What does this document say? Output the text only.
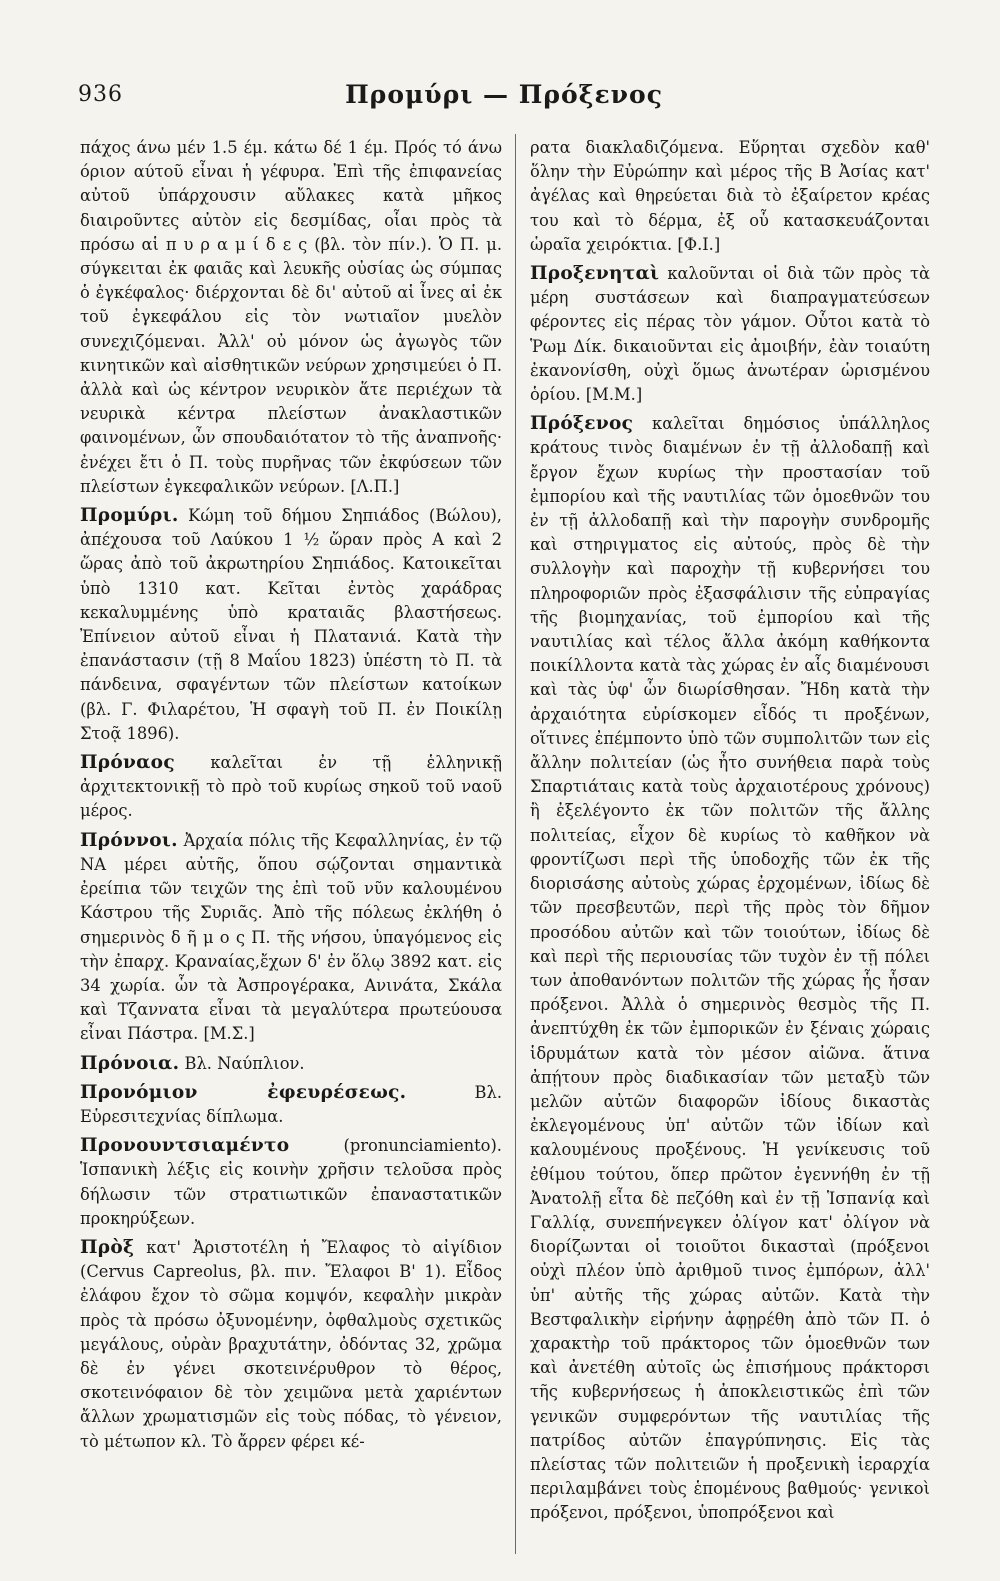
936	Προμύρι — Πρόξενος

πάχος άνω μέν 1.5 έμ. κάτω δέ 1 έμ. Πρός τό άνω όριον αύτοῦ εἶναι ἡ γέφυρα. Ἐπὶ τῆς ἐπιφανείας αὐτοῦ ὑπάρχουσιν αὔλακες κατὰ μῆκος διαιροῦντες αὐτὸν εἰς δεσμίδας, οἷαι πρὸς τὰ πρόσω αἱ π υ ρ α μ ί δ ε ς (βλ. τὸν πίν.). Ὁ Π. μ. σύγκειται ἐκ φαιᾶς καὶ λευκῆς οὐσίας ὡς σύμπας ὁ ἐγκέφαλος· διέρχονται δὲ δι' αὐτοῦ αἱ ἶνες αἱ ἐκ τοῦ ἐγκεφάλου εἰς τὸν νωτιαῖον μυελὸν συνεχιζόμεναι. Ἀλλ' οὐ μόνον ὡς ἀγωγὸς τῶν κινητικῶν καὶ αἰσθητικῶν νεύρων χρησιμεύει ὁ Π. ἀλλὰ καὶ ὡς κέντρον νευρικὸν ἅτε περιέχων τὰ νευρικὰ κέντρα πλείστων ἀνακλαστικῶν φαινομένων, ὧν σπουδαιότατον τὸ τῆς ἀναπνοῆς· ἐνέχει ἔτι ὁ Π. τοὺς πυρῆνας τῶν ἐκφύσεων τῶν πλείστων ἐγκεφαλικῶν νεύρων. [Λ.Π.]

Προμύρι. Κώμη τοῦ δήμου Σηπιάδος (Βώλου), ἀπέχουσα τοῦ Λαύκου 1 ½ ὥραν πρὸς Α καὶ 2 ὥρας ἀπὸ τοῦ ἀκρωτηρίου Σηπιάδος. Κατοικεῖται ὑπὸ 1310 κατ. Κεῖται ἐντὸς χαράδρας κεκαλυμμένης ὑπὸ κραταιᾶς βλαστήσεως. Ἐπίνειον αὐτοῦ εἶναι ἡ Πλατανιά. Κατὰ τὴν ἐπανάστασιν (τῇ 8 Μαΐου 1823) ὑπέστη τὸ Π. τὰ πάνδεινα, σφαγέντων τῶν πλείστων κατοίκων (βλ. Γ. Φιλαρέτου, Ἡ σφαγὴ τοῦ Π. ἐν Ποικίλῃ Στοᾷ 1896).

Πρόναος καλεῖται ἐν τῇ ἑλληνικῇ ἀρχιτεκτονικῇ τὸ πρὸ τοῦ κυρίως σηκοῦ τοῦ ναοῦ μέρος.

Πρόννοι. Ἀρχαία πόλις τῆς Κεφαλληνίας, ἐν τῷ ΝΑ μέρει αὐτῆς, ὅπου σῴζονται σημαντικὰ ἐρείπια τῶν τειχῶν της ἐπὶ τοῦ νῦν καλουμένου Κάστρου τῆς Συριᾶς. Ἀπὸ τῆς πόλεως ἐκλήθη ὁ σημερινὸς δ ῆ μ ο ς Π. τῆς νήσου, ὑπαγόμενος εἰς τὴν ἐπαρχ. Κραναίας,ἔχων δ' ἐν ὅλῳ 3892 κατ. εἰς 34 χωρία. ὧν τὰ Ἀσπρογέρακα, Ανινάτα, Σκάλα καὶ Τζαννατα εἶναι τὰ μεγαλύτερα πρωτεύουσα εἶναι Πάστρα. [Μ.Σ.]

Πρόνοια. Βλ. Ναύπλιον.

Προνόμιον ἐφευρέσεως.	Βλ. Εὑρεσιτεχνίας δίπλωμα.

Προνουντσιαμέντο	(pronunciamiento). Ἱσπανικὴ λέξις εἰς κοινὴν χρῆσιν τελοῦσα πρὸς δήλωσιν τῶν στρατιωτικῶν ἐπαναστατικῶν προκηρύξεων.

Πρὸξ κατ' Ἀριστοτέλη ἡ Ἔλαφος τὸ αἰγίδιον (Cervus Capreolus, βλ. πιν. Ἔλαφοι Β' 1). Εἶδος ἐλάφου ἔχον τὸ σῶμα κομψόν, κεφαλὴν μικρὰν πρὸς τὰ πρόσω ὀξυνομένην, ὀφθαλμοὺς σχετικῶς μεγάλους, οὐρὰν βραχυτάτην, ὀδόντας 32, χρῶμα δὲ ἐν γένει σκοτεινέρυθρον τὸ θέρος, σκοτεινόφαιον δὲ τὸν χειμῶνα μετὰ χαριέντων ἄλλων χρωματισμῶν εἰς τοὺς πόδας, τὸ γένειον, τὸ μέτωπον κλ. Τὸ ἄρρεν φέρει κέ-

ρατα διακλαδιζόμενα. Εὕρηται σχεδὸν καθ' ὅλην τὴν Εὐρώπην καὶ μέρος τῆς Β Ἀσίας κατ' ἀγέλας καὶ θηρεύεται διὰ τὸ ἐξαίρετον κρέας του καὶ τὸ δέρμα, ἐξ οὗ κατασκευάζονται ὡραῖα χειρόκτια. [Φ.Ι.]

Προξενηταὶ καλοῦνται οἱ διὰ τῶν πρὸς τὰ μέρη συστάσεων καὶ διαπραγματεύσεων φέροντες εἰς πέρας τὸν γάμον. Οὗτοι κατὰ τὸ Ῥωμ Δίκ. δικαιοῦνται εἰς ἀμοιβήν, ἐὰν τοιαύτη ἐκανονίσθη, οὐχὶ ὅμως ἀνωτέραν ὡρισμένου ὁρίου. [Μ.Μ.]

Πρόξενος καλεῖται δημόσιος ὑπάλληλος κράτους τινὸς διαμένων ἐν τῇ ἀλλοδαπῇ καὶ ἔργον ἔχων κυρίως τὴν προστασίαν τοῦ ἐμπορίου καὶ τῆς ναυτιλίας τῶν ὁμοεθνῶν του ἐν τῇ ἀλλοδαπῇ καὶ τὴν παρογὴν συνδρομῆς καὶ στηριγματος εἰς αὐτούς, πρὸς δὲ τὴν συλλογὴν καὶ παροχὴν τῇ κυβερνήσει του πληροφοριῶν πρὸς ἐξασφάλισιν τῆς εὐπραγίας τῆς βιομηχανίας, τοῦ ἐμπορίου καὶ τῆς ναυτιλίας καὶ τέλος ἄλλα ἀκόμη καθήκοντα ποικίλλοντα κατὰ τὰς χώρας ἐν αἷς διαμένουσι καὶ τὰς ὑφ' ὧν διωρίσθησαν. Ἤδη κατὰ τὴν ἀρχαιότητα εὑρίσκομεν εἶδός τι προξένων, οἵτινες ἐπέμποντο ὑπὸ τῶν συμπολιτῶν των εἰς ἄλλην πολιτείαν (ὡς ἦτο συνήθεια παρὰ τοὺς Σπαρτιάταις κατὰ τοὺς ἀρχαιοτέρους χρόνους) ἢ ἐξελέγοντο ἐκ τῶν πολιτῶν τῆς ἄλλης πολιτείας, εἶχον δὲ κυρίως τὸ καθῆκον νὰ φροντίζωσι περὶ τῆς ὑποδοχῆς τῶν ἐκ τῆς διορισάσης αὐτοὺς χώρας ἐρχομένων, ἰδίως δὲ τῶν πρεσβευτῶν, περὶ τῆς πρὸς τὸν δῆμον προσόδου αὐτῶν καὶ τῶν τοιούτων, ἰδίως δὲ καὶ περὶ τῆς περιουσίας τῶν τυχὸν ἐν τῇ πόλει των ἀποθανόντων πολιτῶν τῆς χώρας ἧς ἦσαν πρόξενοι. Ἀλλὰ ὁ σημερινὸς θεσμὸς τῆς Π. ἀνεπτύχθη ἐκ τῶν ἐμπορικῶν ἐν ξέναις χώραις ἱδρυμάτων κατὰ τὸν μέσον αἰῶνα. ἅτινα ἀπῄτουν πρὸς διαδικασίαν τῶν μεταξὺ τῶν μελῶν αὐτῶν διαφορῶν ἰδίους δικαστὰς ἐκλεγομένους ὑπ' αὐτῶν τῶν ἰδίων καὶ καλουμένους προξένους. Ἡ γενίκευσις τοῦ ἐθίμου τούτου, ὅπερ πρῶτον ἐγεννήθη ἐν τῇ Ἀνατολῇ εἶτα δὲ πεζόθη καὶ ἐν τῇ Ἱσπανίᾳ καὶ Γαλλίᾳ, συνεπήνεγκεν ὀλίγον κατ' ὀλίγον νὰ διορίζωνται οἱ τοιοῦτοι δικασταὶ (πρόξενοι οὐχὶ πλέον ὑπὸ ἀριθμοῦ τινος ἐμπόρων, ἀλλ' ὑπ' αὐτῆς τῆς χώρας αὐτῶν. Κατὰ τὴν Βεστφαλικὴν εἰρήνην ἀφῃρέθη ἀπὸ τῶν Π. ὁ χαρακτὴρ τοῦ πράκτορος τῶν ὁμοεθνῶν των καὶ ἀνετέθη αὐτοῖς ὡς ἐπισήμους πράκτορσι τῆς κυβερνήσεως ἡ ἀποκλειστικῶς ἐπὶ τῶν γενικῶν συμφερόντων τῆς ναυτιλίας τῆς πατρίδος αὐτῶν ἐπαγρύπνησις. Εἰς τὰς πλείστας τῶν πολιτειῶν ἡ προξενικὴ ἱεραρχία περιλαμβάνει τοὺς ἑπομένους βαθμούς· γενικοὶ πρόξενοι, πρόξενοι, ὑποπρόξενοι καὶ
